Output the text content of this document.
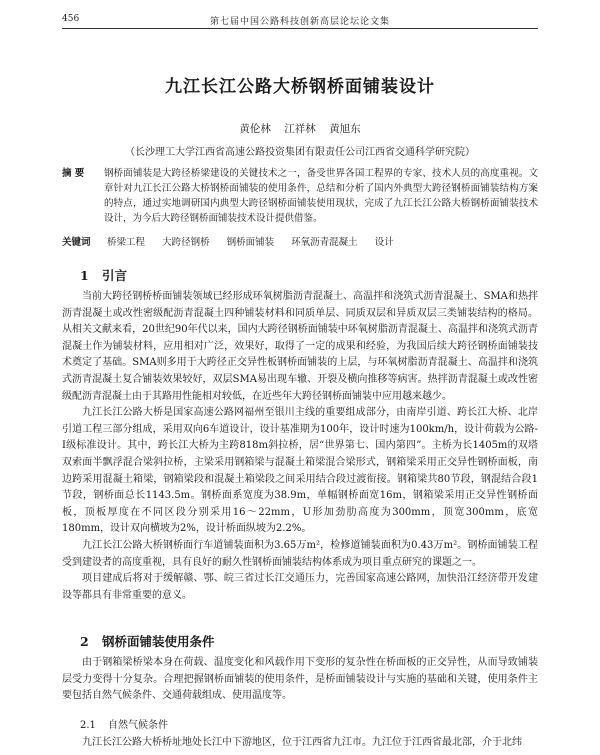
456	第七届中国公路科技创新高层论坛论文集
九江长江公路大桥钢桥面铺装设计
黄伦林 江祥林 黄旭东
（长沙理工大学江西省高速公路投资集团有限责任公司江西省交通科学研究院）
摘 要	钢桥面铺装是大跨径桥梁建设的关键技术之一，备受世界各国工程界的专家、技术人员的高度重视。文章针对九江长江公路大桥钢桥面铺装的使用条件，总结和分析了国内外典型大跨径钢桥面铺装结构方案的特点，通过实地调研国内典型大跨径钢桥面铺装使用现状，完成了九江长江公路大桥钢桥面铺装技术设计，为今后大跨径钢桥面铺装技术设计提供借鉴。
关键词 桥梁工程 大跨径钢桥 钢桥面铺装 环氧沥青混凝土 设计
1 引言

当前大跨径钢桥桥面铺装领域已经形成环氧树脂沥青混凝土、高温拌和浇筑式沥青混凝土、SMA和热拌沥青混凝土或改性密级配沥青混凝土四种铺装材料和同质单层、同质双层和异质双层三类铺装结构的格局。从相关文献来看，20世纪90年代以来，国内大跨径钢桥面铺装中环氧树脂沥青混凝土、高温拌和浇筑式沥青混凝土作为铺装材料，应用相对广泛，效果好，取得了一定的成果和经验，为我国后续大跨径钢桥面铺装技术奠定了基础。SMA则多用于大跨径正交异性板钢桥面铺装的上层，与环氧树脂沥青混凝土、高温拌和浇筑式沥青混凝土复合铺装效果较好，双层SMA易出现车辙、开裂及横向推移等病害。热拌沥青混凝土或改性密级配沥青混凝土由于其路用性能相对较低，在近些年大跨径钢桥面铺装中应用越来越少。

九江长江公路大桥是国家高速公路网福州至银川主线的重要组成部分，由南岸引道、跨长江大桥、北岸引道工程三部分组成，采用双向6车道设计，设计基准期为100年，设计时速为100km/h，设计荷载为公路-I级标准设计。其中，跨长江大桥为主跨818m斜拉桥，居“世界第七、国内第四”。主桥为长1405m的双塔双索面半飘浮混合梁斜拉桥，主梁采用钢箱梁与混凝土箱梁混合梁形式，钢箱梁采用正交异性钢桥面板，南边跨采用混凝土箱梁，钢箱梁段和混凝土箱梁段之间采用结合段过渡衔接。钢箱梁共80节段，钢混结合段1节段，钢桥面总长1143.5m。钢桥面系宽度为38.9m，单幅钢桥面宽16m，钢箱梁采用正交异性钢桥面板，顶板厚度在不同区段分别采用16～22mm，U形加劲肋高度为300mm，顶宽300mm，底宽180mm，设计双向横坡为2%，设计桥面纵坡为2.2%。

九江长江公路大桥钢桥面行车道铺装面积为3.65万m²，检修道铺装面积为0.43万m²。钢桥面铺装工程受到建设者的高度重视，具有良好的耐久性钢桥面铺装结构体系成为项目重点研究的课题之一。

项目建成后将对于缓解赣、鄂、皖三省过长江交通压力，完善国家高速公路网，加快沿江经济带开发建设等都具有非常重要的意义。

2 钢桥面铺装使用条件

由于钢箱梁桥梁本身在荷载、温度变化和风载作用下变形的复杂性在桥面板的正交异性，从而导致铺装层受力变得十分复杂。合理把握钢桥面铺装的使用条件，是桥面铺装设计与实施的基础和关键，使用条件主要包括自然气候条件、交通荷载组成、使用温度等。

2.1 自然气候条件

九江长江公路大桥桥址地处长江中下游地区，位于江西省九江市。九江位于江西省最北部，介于北纬
